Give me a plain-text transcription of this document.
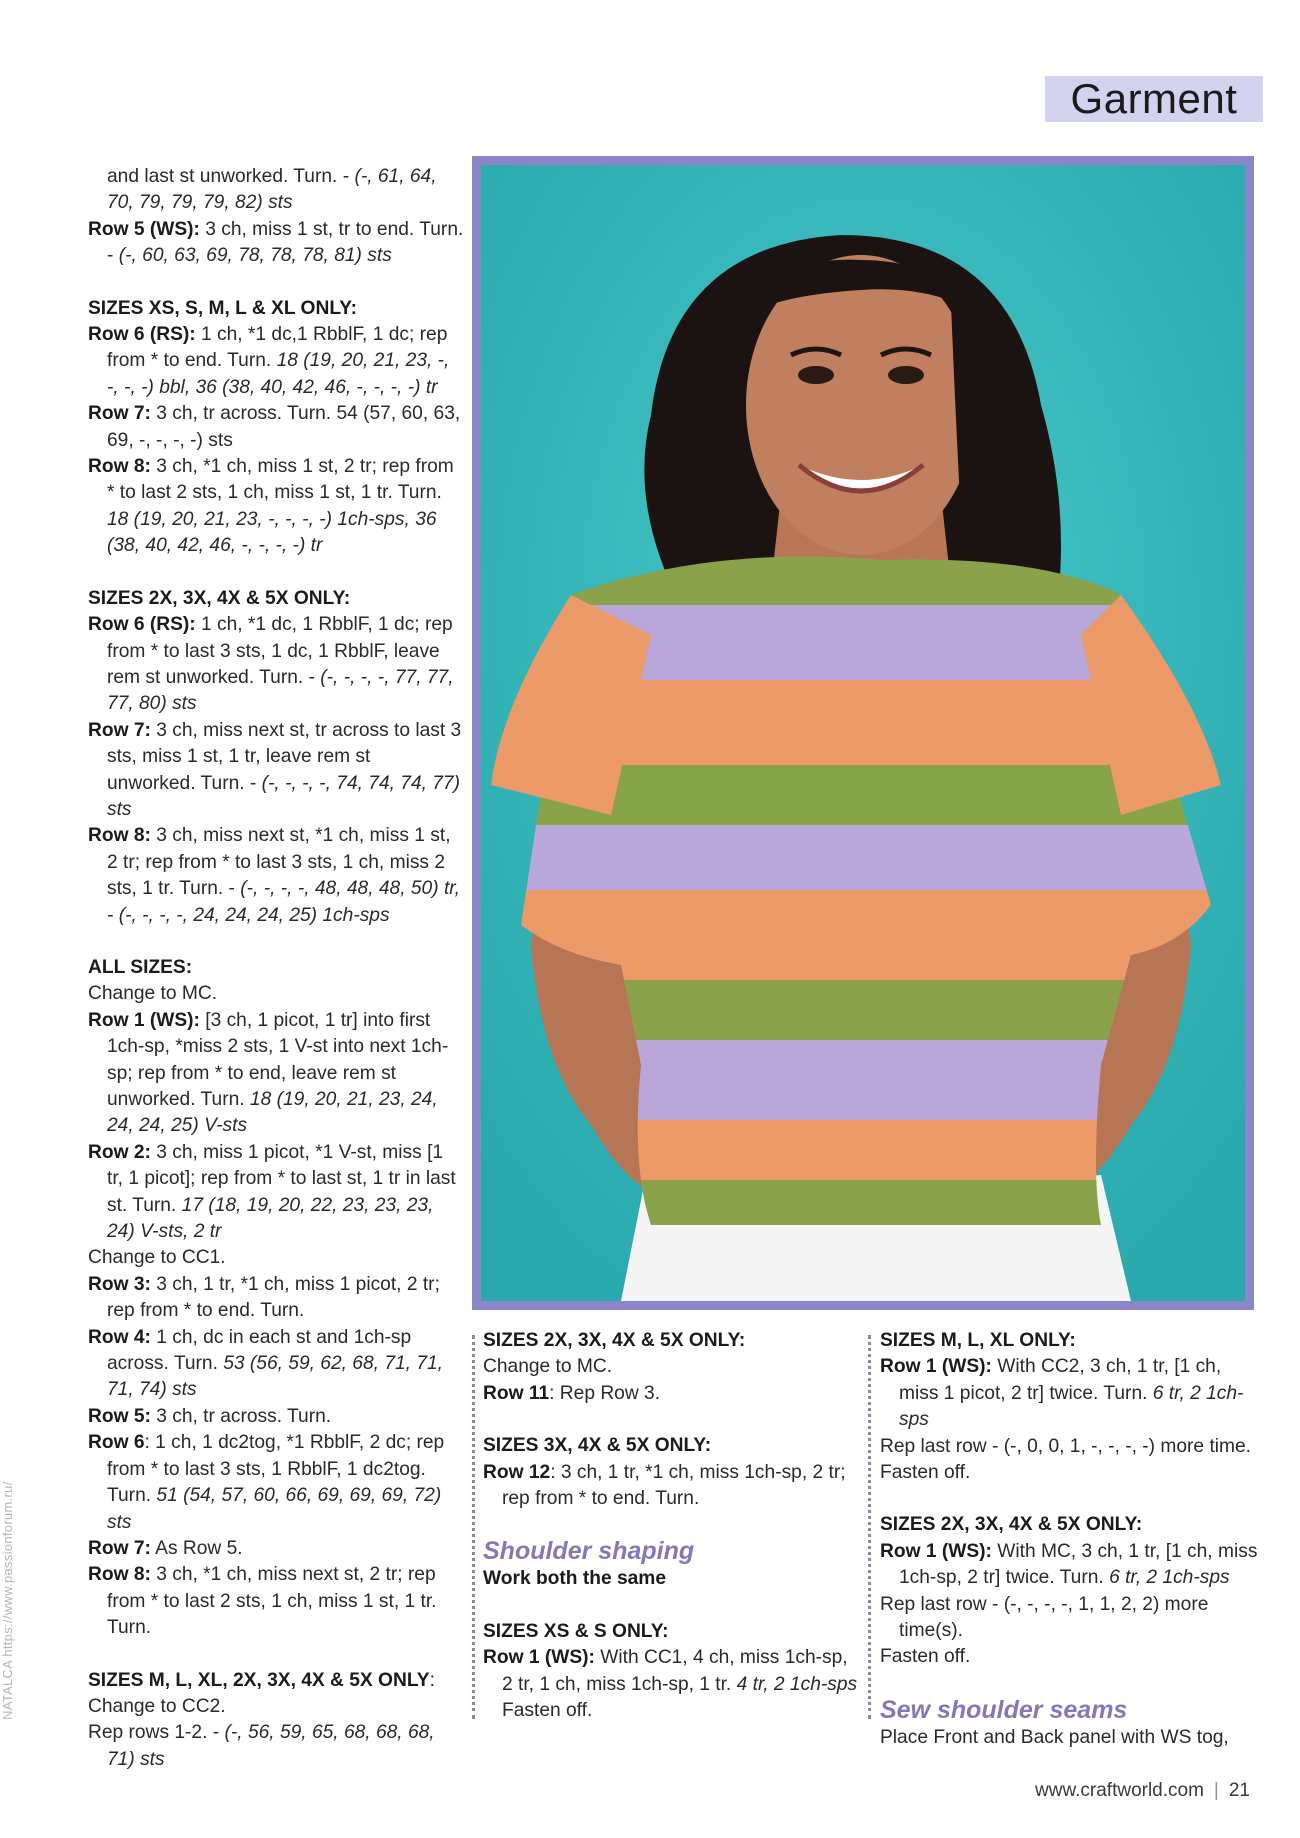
Garment

and last st unworked. Turn. - (-, 61, 64, 70, 79, 79, 79, 82) sts

Row 5 (WS): 3 ch, miss 1 st, tr to end. Turn. - (-, 60, 63, 69, 78, 78, 78, 81) sts

SIZES XS, S, M, L & XL ONLY:

Row 6 (RS): 1 ch, *1 dc,1 RbblF, 1 dc; rep from * to end. Turn. 18 (19, 20, 21, 23, -, -, -, -) bbl, 36 (38, 40, 42, 46, -, -, -, -) tr

Row 7: 3 ch, tr across. Turn. 54 (57, 60, 63, 69, -, -, -, -) sts

Row 8: 3 ch, *1 ch, miss 1 st, 2 tr; rep from * to last 2 sts, 1 ch, miss 1 st, 1 tr. Turn. 18 (19, 20, 21, 23, -, -, -, -) 1ch-sps, 36 (38, 40, 42, 46, -, -, -, -) tr

SIZES 2X, 3X, 4X & 5X ONLY:

Row 6 (RS): 1 ch, *1 dc, 1 RbblF, 1 dc; rep from * to last 3 sts, 1 dc, 1 RbblF, leave rem st unworked. Turn. - (-, -, -, -, 77, 77, 77, 80) sts

Row 7: 3 ch, miss next st, tr across to last 3 sts, miss 1 st, 1 tr, leave rem st unworked. Turn. - (-, -, -, -, 74, 74, 74, 77) sts

Row 8: 3 ch, miss next st, *1 ch, miss 1 st, 2 tr; rep from * to last 3 sts, 1 ch, miss 2 sts, 1 tr. Turn. - (-, -, -, -, 48, 48, 48, 50) tr, - (-, -, -, -, 24, 24, 24, 25) 1ch-sps

ALL SIZES:

Change to MC.

Row 1 (WS): [3 ch, 1 picot, 1 tr] into first 1ch-sp, *miss 2 sts, 1 V-st into next 1ch-sp; rep from * to end, leave rem st unworked. Turn. 18 (19, 20, 21, 23, 24, 24, 24, 25) V-sts

Row 2: 3 ch, miss 1 picot, *1 V-st, miss [1 tr, 1 picot]; rep from * to last st, 1 tr in last st. Turn. 17 (18, 19, 20, 22, 23, 23, 23, 24) V-sts, 2 tr

Change to CC1.

Row 3: 3 ch, 1 tr, *1 ch, miss 1 picot, 2 tr; rep from * to end. Turn.

Row 4: 1 ch, dc in each st and 1ch-sp across. Turn. 53 (56, 59, 62, 68, 71, 71, 71, 74) sts

Row 5: 3 ch, tr across. Turn.

Row 6: 1 ch, 1 dc2tog, *1 RbblF, 2 dc; rep from * to last 3 sts, 1 RbblF, 1 dc2tog. Turn. 51 (54, 57, 60, 66, 69, 69, 69, 72) sts

Row 7: As Row 5.

Row 8: 3 ch, *1 ch, miss next st, 2 tr; rep from * to last 2 sts, 1 ch, miss 1 st, 1 tr. Turn.

SIZES M, L, XL, 2X, 3X, 4X & 5X ONLY:

Change to CC2.

Rep rows 1-2. - (-, 56, 59, 65, 68, 68, 68, 71) sts

SIZES 2X, 3X, 4X & 5X ONLY:

Change to MC.

Row 11: Rep Row 3.

SIZES 3X, 4X & 5X ONLY:

Row 12: 3 ch, 1 tr, *1 ch, miss 1ch-sp, 2 tr; rep from * to end. Turn.

Shoulder shaping

Work both the same

SIZES XS & S ONLY:

Row 1 (WS): With CC1, 4 ch, miss 1ch-sp, 2 tr, 1 ch, miss 1ch-sp, 1 tr. 4 tr, 2 1ch-sps

Fasten off.

SIZES M, L, XL ONLY:

Row 1 (WS): With CC2, 3 ch, 1 tr, [1 ch, miss 1 picot, 2 tr] twice. Turn. 6 tr, 2 1ch-sps

Rep last row - (-, 0, 0, 1, -, -, -, -) more time.

Fasten off.

SIZES 2X, 3X, 4X & 5X ONLY:

Row 1 (WS): With MC, 3 ch, 1 tr, [1 ch, miss 1ch-sp, 2 tr] twice. Turn. 6 tr, 2 1ch-sps

Rep last row - (-, -, -, -, 1, 1, 2, 2) more time(s).

Fasten off.

Sew shoulder seams

Place Front and Back panel with WS tog,

NATALCA https://www.passionforum.ru/
www.craftworld.com | 21
